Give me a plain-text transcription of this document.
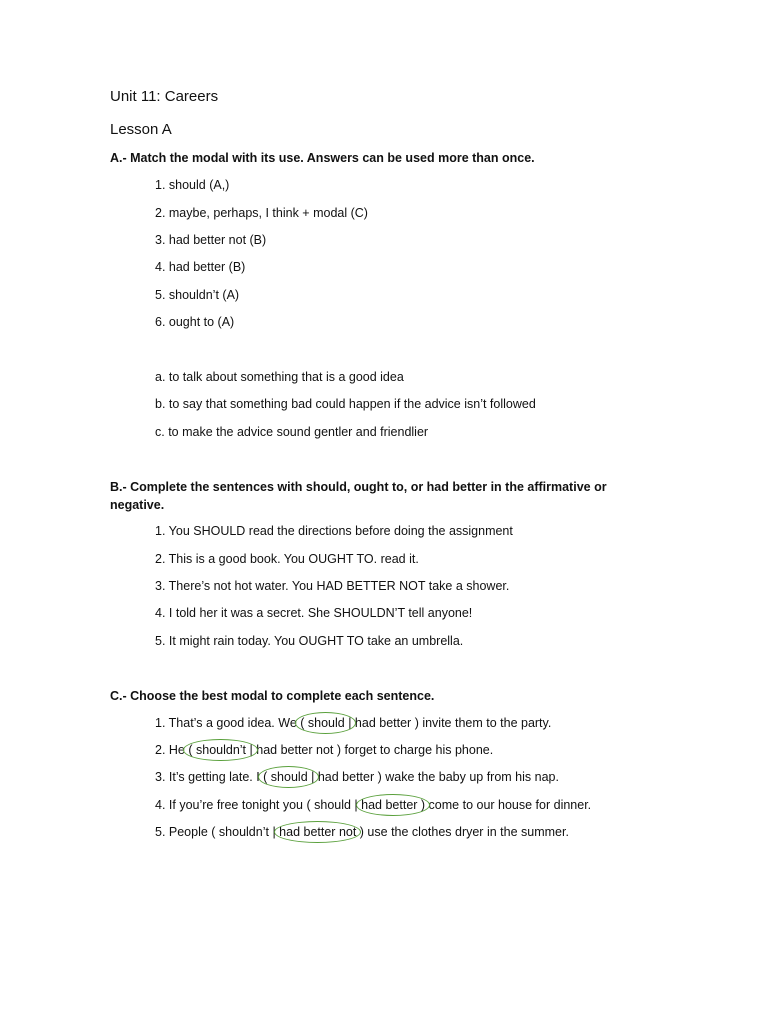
Unit 11: Careers
Lesson A
A.- Match the modal with its use. Answers can be used more than once.
1. should (A,)
2. maybe, perhaps, I think + modal (C)
3. had better not (B)
4. had better (B)
5. shouldn’t (A)
6. ought to (A)
a. to talk about something that is a good idea
b. to say that something bad could happen if the advice isn’t followed
c. to make the advice sound gentler and friendlier
B.- Complete the sentences with should, ought to, or had better in the affirmative or negative.
1. You SHOULD read the directions before doing the assignment
2. This is a good book. You OUGHT TO. read it.
3. There’s not hot water. You HAD BETTER NOT take a shower.
4. I told her it was a secret. She SHOULDN’T tell anyone!
5. It might rain today. You OUGHT TO take an umbrella.
C.- Choose the best modal to complete each sentence.
1. That’s a good idea. We ( should | had better ) invite them to the party.
2. He ( shouldn’t | had better not ) forget to charge his phone.
3. It’s getting late. I ( should | had better ) wake the baby up from his nap.
4. If you’re free tonight you ( should | had better ) come to our house for dinner.
5. People ( shouldn’t | had better not ) use the clothes dryer in the summer.
